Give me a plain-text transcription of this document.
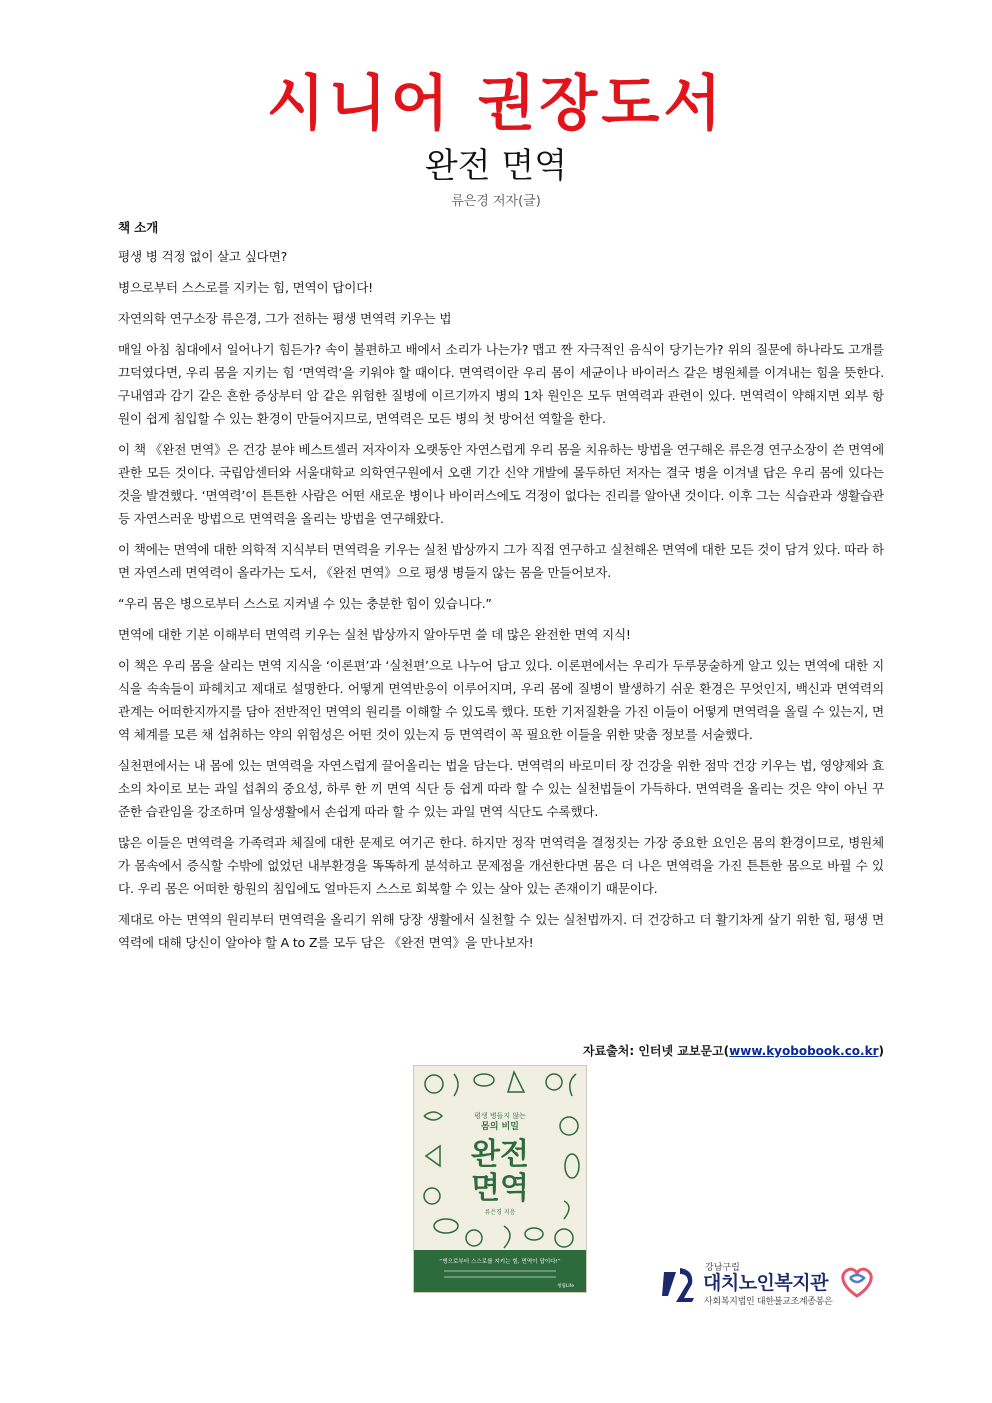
시니어 권장도서
완전 면역
류은경 저자(글)

책 소개

평생 병 걱정 없이 살고 싶다면?

병으로부터 스스로를 지키는 힘, 면역이 답이다!

자연의학 연구소장 류은경, 그가 전하는 평생 면역력 키우는 법

매일 아침 침대에서 일어나기 힘든가? 속이 불편하고 배에서 소리가 나는가? 맵고 짠 자극적인 음식이 당기는가? 위의 질문에 하나라도 고개를 끄덕였다면, 우리 몸을 지키는 힘 ‘면역력’을 키워야 할 때이다. 면역력이란 우리 몸이 세균이나 바이러스 같은 병원체를 이겨내는 힘을 뜻한다. 구내염과 감기 같은 흔한 증상부터 암 같은 위험한 질병에 이르기까지 병의 1차 원인은 모두 면역력과 관련이 있다. 면역력이 약해지면 외부 항원이 쉽게 침입할 수 있는 환경이 만들어지므로, 면역력은 모든 병의 첫 방어선 역할을 한다.

이 책 《완전 면역》은 건강 분야 베스트셀러 저자이자 오랫동안 자연스럽게 우리 몸을 치유하는 방법을 연구해온 류은경 연구소장이 쓴 면역에 관한 모든 것이다. 국립암센터와 서울대학교 의학연구원에서 오랜 기간 신약 개발에 몰두하던 저자는 결국 병을 이겨낼 답은 우리 몸에 있다는 것을 발견했다. ‘면역력’이 튼튼한 사람은 어떤 새로운 병이나 바이러스에도 걱정이 없다는 진리를 알아낸 것이다. 이후 그는 식습관과 생활습관 등 자연스러운 방법으로 면역력을 올리는 방법을 연구해왔다.

이 책에는 면역에 대한 의학적 지식부터 면역력을 키우는 실천 밥상까지 그가 직접 연구하고 실천해온 면역에 대한 모든 것이 담겨 있다. 따라 하면 자연스레 면역력이 올라가는 도서, 《완전 면역》으로 평생 병들지 않는 몸을 만들어보자.

“우리 몸은 병으로부터 스스로 지켜낼 수 있는 충분한 힘이 있습니다.”

면역에 대한 기본 이해부터 면역력 키우는 실천 밥상까지 알아두면 쓸 데 많은 완전한 면역 지식!

이 책은 우리 몸을 살리는 면역 지식을 ‘이론편’과 ‘실천편’으로 나누어 담고 있다. 이론편에서는 우리가 두루뭉술하게 알고 있는 면역에 대한 지식을 속속들이 파헤치고 제대로 설명한다. 어떻게 면역반응이 이루어지며, 우리 몸에 질병이 발생하기 쉬운 환경은 무엇인지, 백신과 면역력의 관계는 어떠한지까지를 담아 전반적인 면역의 원리를 이해할 수 있도록 했다. 또한 기저질환을 가진 이들이 어떻게 면역력을 올릴 수 있는지, 면역 체계를 모른 채 섭취하는 약의 위험성은 어떤 것이 있는지 등 면역력이 꼭 필요한 이들을 위한 맞춤 정보를 서술했다.

실천편에서는 내 몸에 있는 면역력을 자연스럽게 끌어올리는 법을 담는다. 면역력의 바로미터 장 건강을 위한 점막 건강 키우는 법, 영양제와 효소의 차이로 보는 과일 섭취의 중요성, 하루 한 끼 면역 식단 등 쉽게 따라 할 수 있는 실천법들이 가득하다. 면역력을 올리는 것은 약이 아닌 꾸준한 습관임을 강조하며 일상생활에서 손쉽게 따라 할 수 있는 과일 면역 식단도 수록했다.

많은 이들은 면역력을 가족력과 체질에 대한 문제로 여기곤 한다. 하지만 정작 면역력을 결정짓는 가장 중요한 요인은 몸의 환경이므로, 병원체가 몸속에서 증식할 수밖에 없었던 내부환경을 똑똑하게 분석하고 문제점을 개선한다면 몸은 더 나은 면역력을 가진 튼튼한 몸으로 바뀔 수 있다. 우리 몸은 어떠한 항원의 침입에도 얼마든지 스스로 회복할 수 있는 살아 있는 존재이기 때문이다.

제대로 아는 면역의 원리부터 면역력을 올리기 위해 당장 생활에서 실천할 수 있는 실천법까지. 더 건강하고 더 활기차게 살기 위한 힘, 평생 면역력에 대해 당신이 알아야 할 A to Z를 모두 담은 《완전 면역》을 만나보자!

자료출처: 인터넷 교보문고(www.kyobobook.co.kr)
평생 병들지 않는
몸의 비밀
완전
면역
류은경 지음
“병으로부터 스스로를 지키는 힘, 면역이 답이다!”
청림Life
강남구립
대치노인복지관
사회복지법인 대한불교조계종봉은
